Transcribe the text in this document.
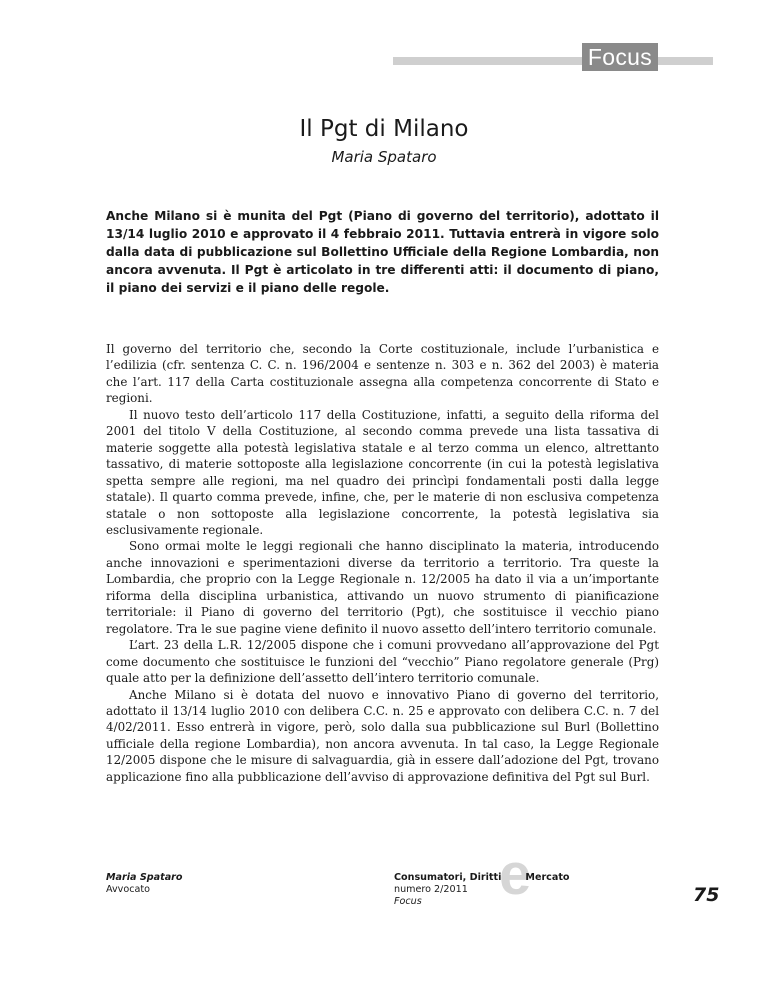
Focus
Il Pgt di Milano
Maria Spataro

Anche Milano si è munita del Pgt (Piano di governo del territorio), adottato il 13/14 luglio 2010 e approvato il 4 febbraio 2011. Tuttavia entrerà in vigore solo dalla data di pubblicazione sul Bollettino Ufficiale della Regione Lombardia, non ancora avvenuta. Il Pgt è articolato in tre differenti atti: il documento di piano, il piano dei servizi e il piano delle regole.

Il governo del territorio che, secondo la Corte costituzionale, include l’urbanistica e l’edilizia (cfr. sentenza C. C. n. 196/2004 e sentenze n. 303 e n. 362 del 2003) è materia che l’art. 117 della Carta costituzionale assegna alla competenza concorrente di Stato e regioni.

Il nuovo testo dell’articolo 117 della Costituzione, infatti, a seguito della riforma del 2001 del titolo V della Costituzione, al secondo comma prevede una lista tassativa di materie soggette alla potestà legislativa statale e al terzo comma un elenco, altrettanto tassativo, di materie sottoposte alla legislazione concorrente (in cui la potestà legislativa spetta sempre alle regioni, ma nel quadro dei princìpi fondamentali posti dalla legge statale). Il quarto comma prevede, infine, che, per le materie di non esclusiva competenza statale o non sottoposte alla legislazione concorrente, la potestà legislativa sia esclusivamente regionale.

Sono ormai molte le leggi regionali che hanno disciplinato la materia, introducendo anche innovazioni e sperimentazioni diverse da territorio a territorio. Tra queste la Lombardia, che proprio con la Legge Regionale n. 12/2005 ha dato il via a un’importante riforma della disciplina urbanistica, attivando un nuovo strumento di pianificazione territoriale: il Piano di governo del territorio (Pgt), che sostituisce il vecchio piano regolatore. Tra le sue pagine viene definito il nuovo assetto dell’intero territorio comunale.

L’art. 23 della L.R. 12/2005 dispone che i comuni provvedano all’approvazione del Pgt come documento che sostituisce le funzioni del “vecchio” Piano regolatore generale (Prg) quale atto per la definizione dell’assetto dell’intero territorio comunale.

Anche Milano si è dotata del nuovo e innovativo Piano di governo del territorio, adottato il 13/14 luglio 2010 con delibera C.C. n. 25 e approvato con delibera C.C. n. 7 del 4/02/2011. Esso entrerà in vigore, però, solo dalla sua pubblicazione sul Burl (Bollettino ufficiale della regione Lombardia), non ancora avvenuta. In tal caso, la Legge Regionale 12/2005 dispone che le misure di salvaguardia, già in essere dall’adozione del Pgt, trovano applicazione fino alla pubblicazione dell’avviso di approvazione definitiva del Pgt sul Burl.

Maria Spataro
Avvocato	e
Consumatori, Diritti	Mercato
numero 2/2011
Focus	75
